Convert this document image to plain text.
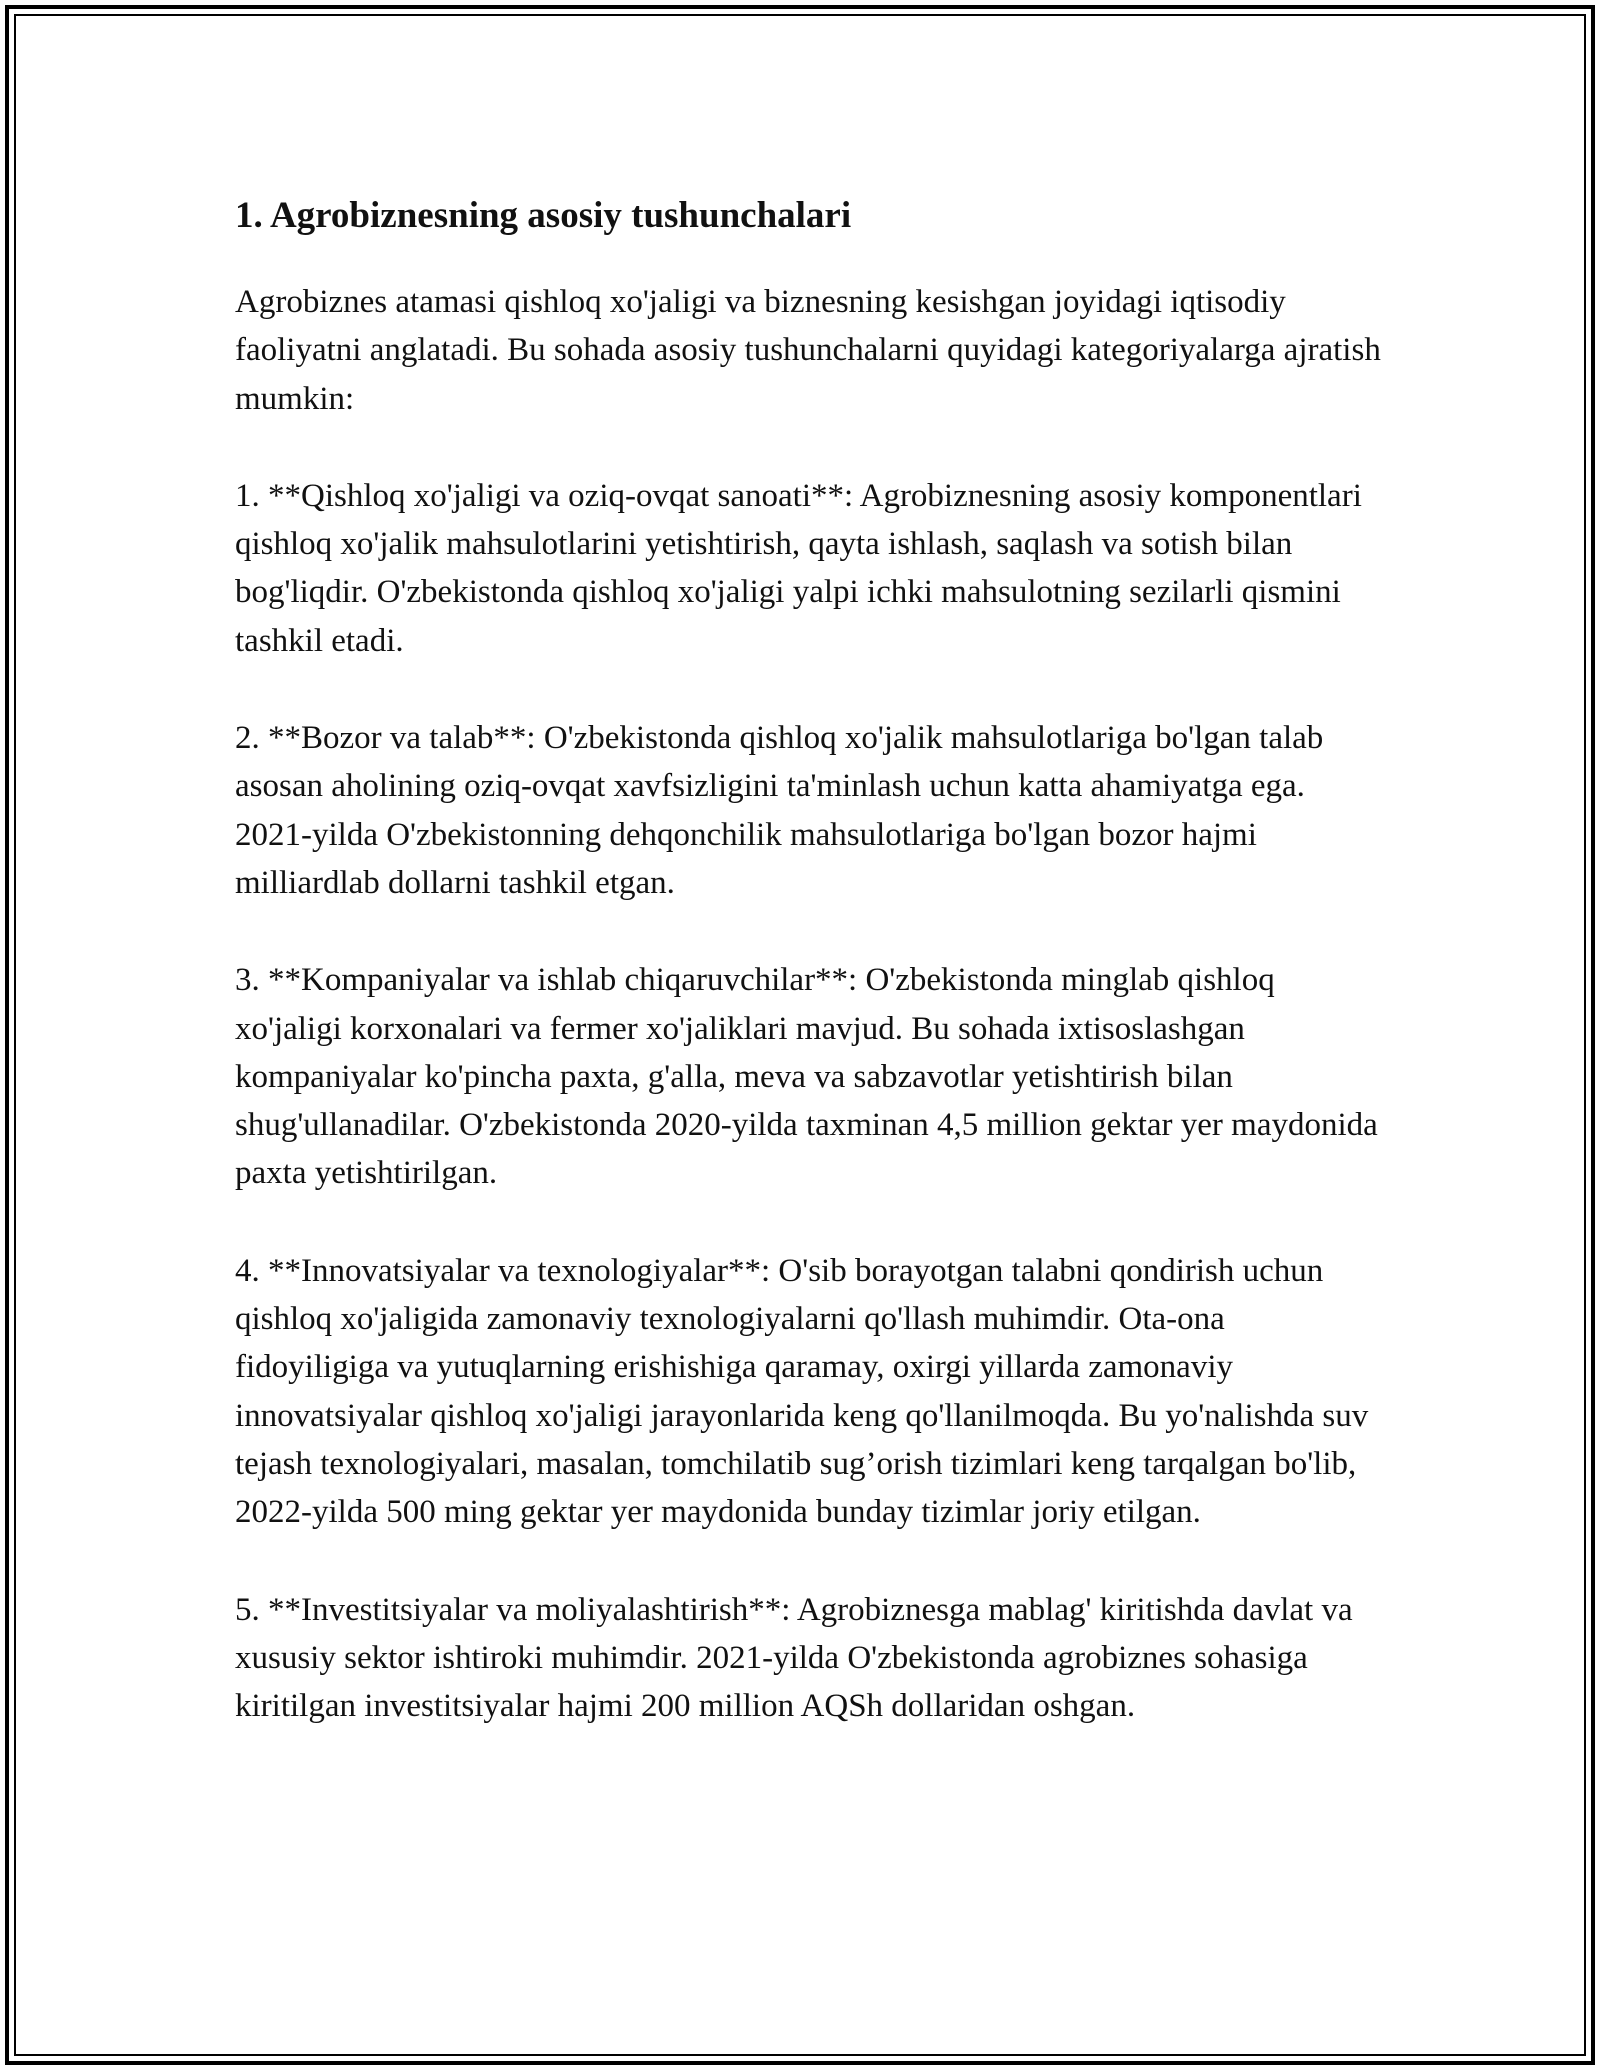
1. Agrobiznesning asosiy tushunchalari

Agrobiznes atamasi qishloq xo'jaligi va biznesning kesishgan joyidagi iqtisodiy faoliyatni anglatadi. Bu sohada asosiy tushunchalarni quyidagi kategoriyalarga ajratish mumkin:

1. **Qishloq xo'jaligi va oziq-ovqat sanoati**: Agrobiznesning asosiy komponentlari qishloq xo'jalik mahsulotlarini yetishtirish, qayta ishlash, saqlash va sotish bilan bog'liqdir. O'zbekistonda qishloq xo'jaligi yalpi ichki mahsulotning sezilarli qismini tashkil etadi.

2. **Bozor va talab**: O'zbekistonda qishloq xo'jalik mahsulotlariga bo'lgan talab asosan aholining oziq-ovqat xavfsizligini ta'minlash uchun katta ahamiyatga ega. 2021-yilda O'zbekistonning dehqonchilik mahsulotlariga bo'lgan bozor hajmi milliardlab dollarni tashkil etgan.

3. **Kompaniyalar va ishlab chiqaruvchilar**: O'zbekistonda minglab qishloq xo'jaligi korxonalari va fermer xo'jaliklari mavjud. Bu sohada ixtisoslashgan kompaniyalar ko'pincha paxta, g'alla, meva va sabzavotlar yetishtirish bilan shug'ullanadilar. O'zbekistonda 2020-yilda taxminan 4,5 million gektar yer maydonida paxta yetishtirilgan.

4. **Innovatsiyalar va texnologiyalar**: O'sib borayotgan talabni qondirish uchun qishloq xo'jaligida zamonaviy texnologiyalarni qo'llash muhimdir. Ota-ona fidoyiligiga va yutuqlarning erishishiga qaramay, oxirgi yillarda zamonaviy innovatsiyalar qishloq xo'jaligi jarayonlarida keng qo'llanilmoqda. Bu yo'nalishda suv tejash texnologiyalari, masalan, tomchilatib sug’orish tizimlari keng tarqalgan bo'lib, 2022-yilda 500 ming gektar yer maydonida bunday tizimlar joriy etilgan.

5. **Investitsiyalar va moliyalashtirish**: Agrobiznesga mablag' kiritishda davlat va xususiy sektor ishtiroki muhimdir. 2021-yilda O'zbekistonda agrobiznes sohasiga kiritilgan investitsiyalar hajmi 200 million AQSh dollaridan oshgan.
